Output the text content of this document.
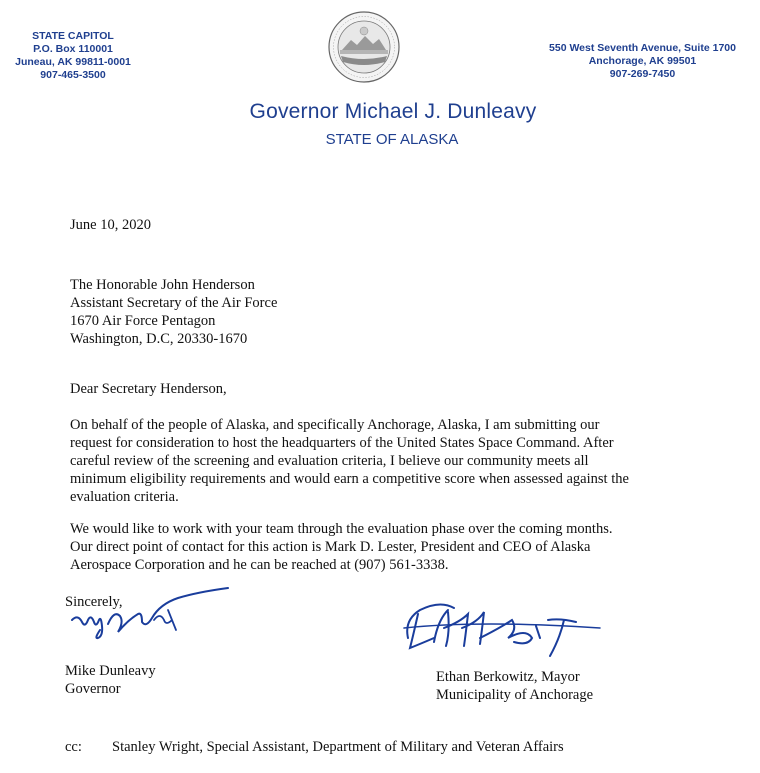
STATE CAPITOL
P.O. Box 110001
Juneau, AK 99811-0001
907-465-3500
550 West Seventh Avenue, Suite 1700
Anchorage, AK 99501
907-269-7450
Governor Michael J. Dunleavy
STATE OF ALASKA
June 10, 2020
The Honorable John Henderson
Assistant Secretary of the Air Force
1670 Air Force Pentagon
Washington, D.C, 20330-1670
Dear Secretary Henderson,
On behalf of the people of Alaska, and specifically Anchorage, Alaska, I am submitting our
request for consideration to host the headquarters of the United States Space Command. After
careful review of the screening and evaluation criteria, I believe our community meets all
minimum eligibility requirements and would earn a competitive score when assessed against the
evaluation criteria.
We would like to work with your team through the evaluation phase over the coming months.
Our direct point of contact for this action is Mark D. Lester, President and CEO of Alaska
Aerospace Corporation and he can be reached at (907) 561-3338.
Sincerely,
Mike Dunleavy
Governor
Ethan Berkowitz, Mayor
Municipality of Anchorage
cc: Stanley Wright, Special Assistant, Department of Military and Veteran Affairs
